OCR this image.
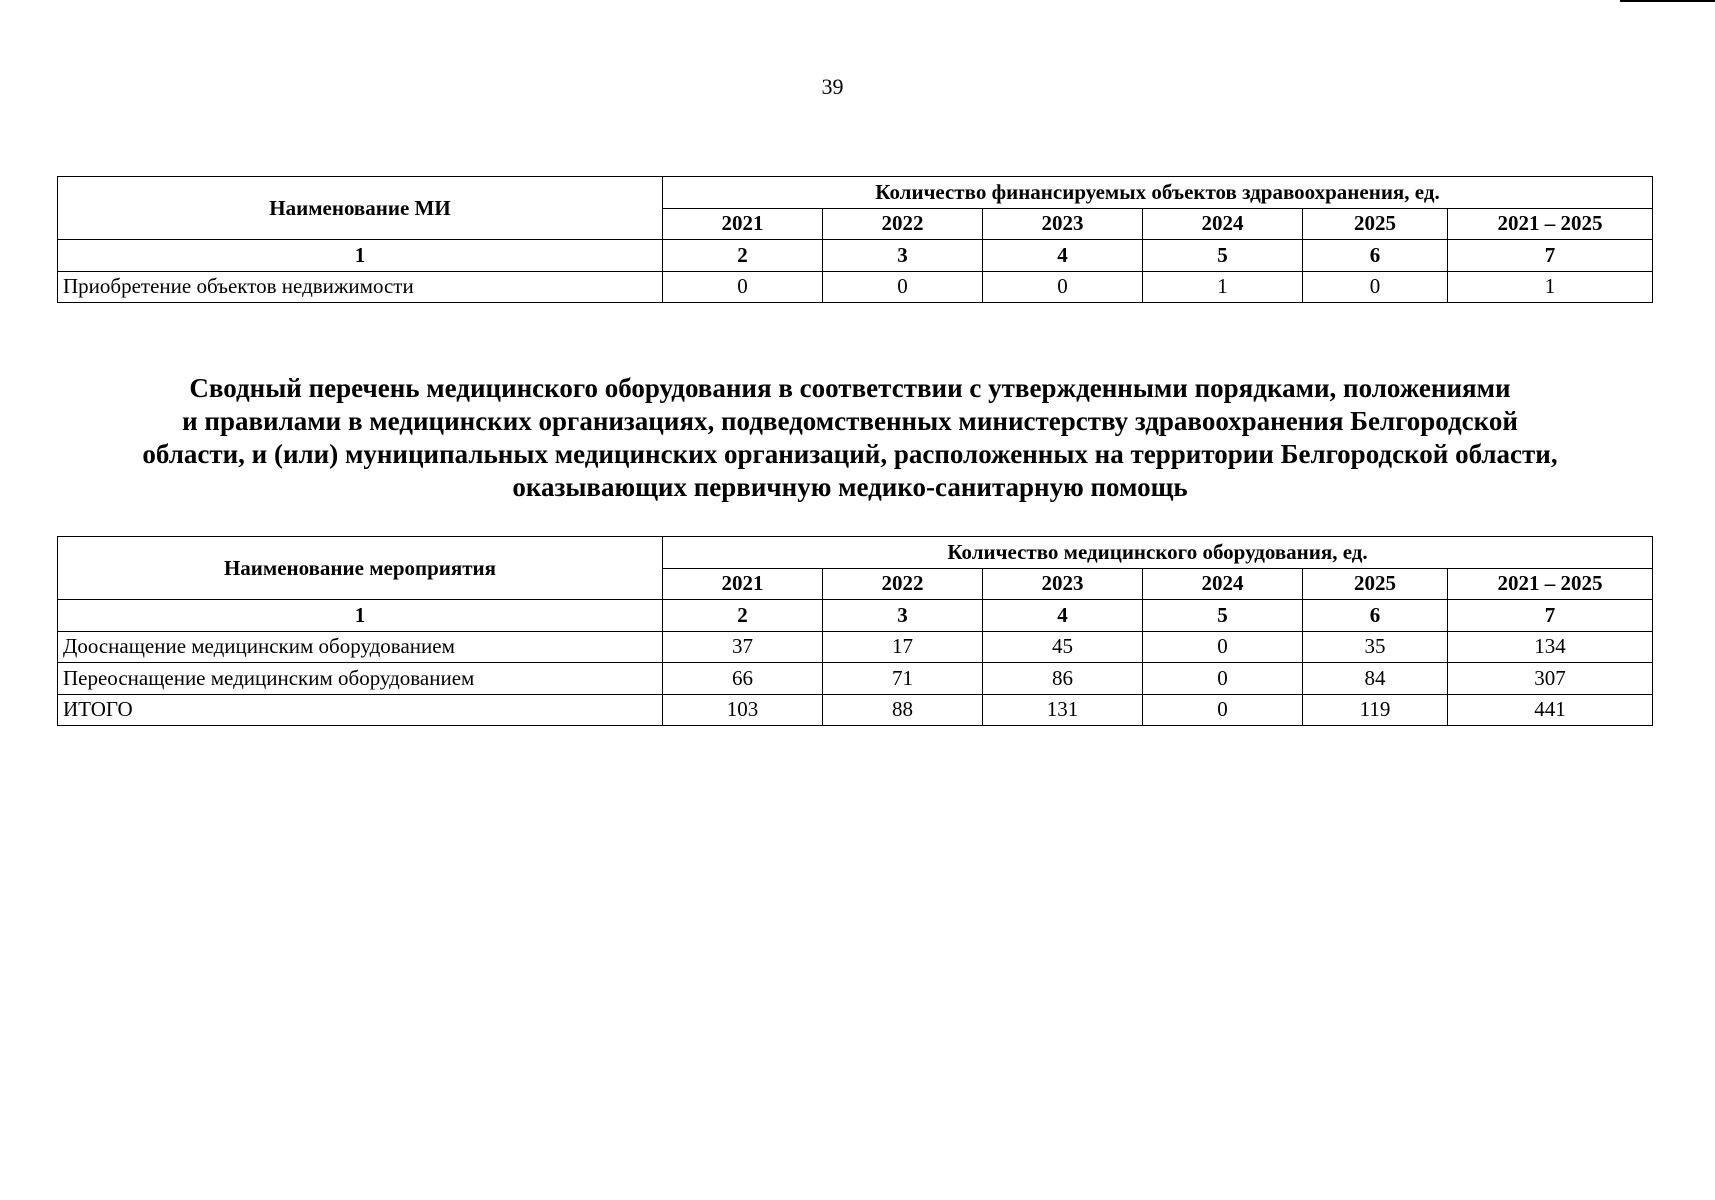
39
Наименование МИ	Количество финансируемых объектов здравоохранения, ед.					
	2021	2022	2023	2024	2025	2021 – 2025
1	2	3	4	5	6	7
Приобретение объектов недвижимости	0	0	0	1	0	1
Сводный перечень медицинского оборудования в соответствии с утвержденными порядками, положениями
и правилами в медицинских организациях, подведомственных министерству здравоохранения Белгородской
области, и (или) муниципальных медицинских организаций, расположенных на территории Белгородской области,
оказывающих первичную медико-санитарную помощь
Наименование мероприятия	Количество медицинского оборудования, ед.					
	2021	2022	2023	2024	2025	2021 – 2025
1	2	3	4	5	6	7
Дооснащение медицинским оборудованием	37	17	45	0	35	134
Переоснащение медицинским оборудованием	66	71	86	0	84	307
ИТОГО	103	88	131	0	119	441
